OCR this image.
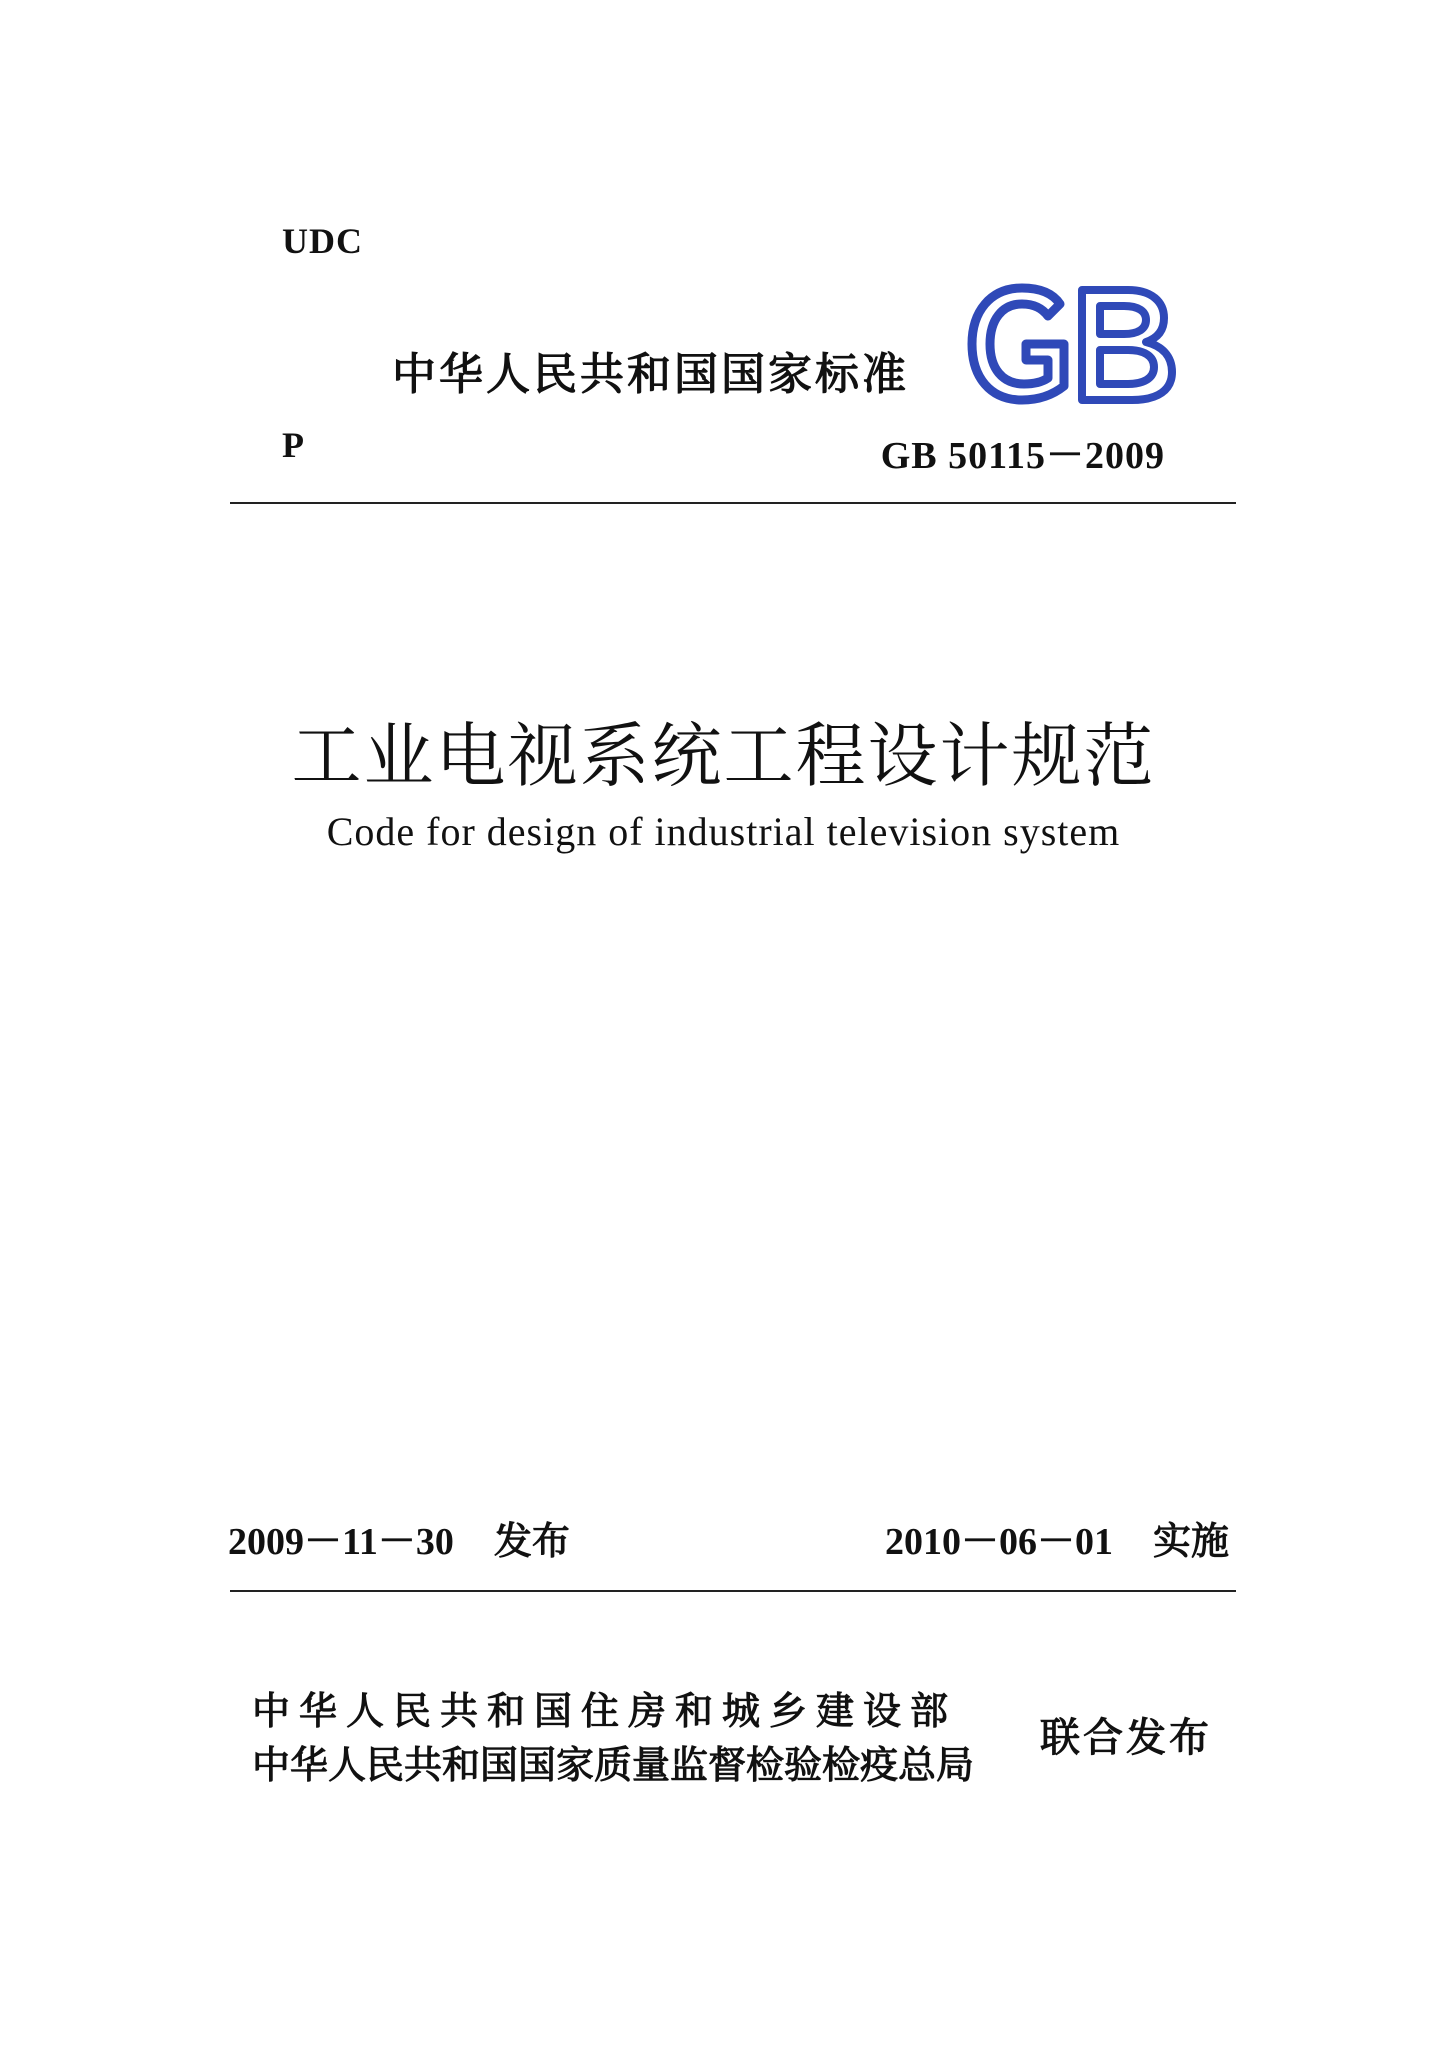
UDC
中华人民共和国国家标准
P	GB 50115－2009
工业电视系统工程设计规范
Code for design of industrial television system
2009－11－30 发布	2010－06－01 实施
中华人民共和国住房和城乡建设部
中华人民共和国国家质量监督检验检疫总局
联合发布
